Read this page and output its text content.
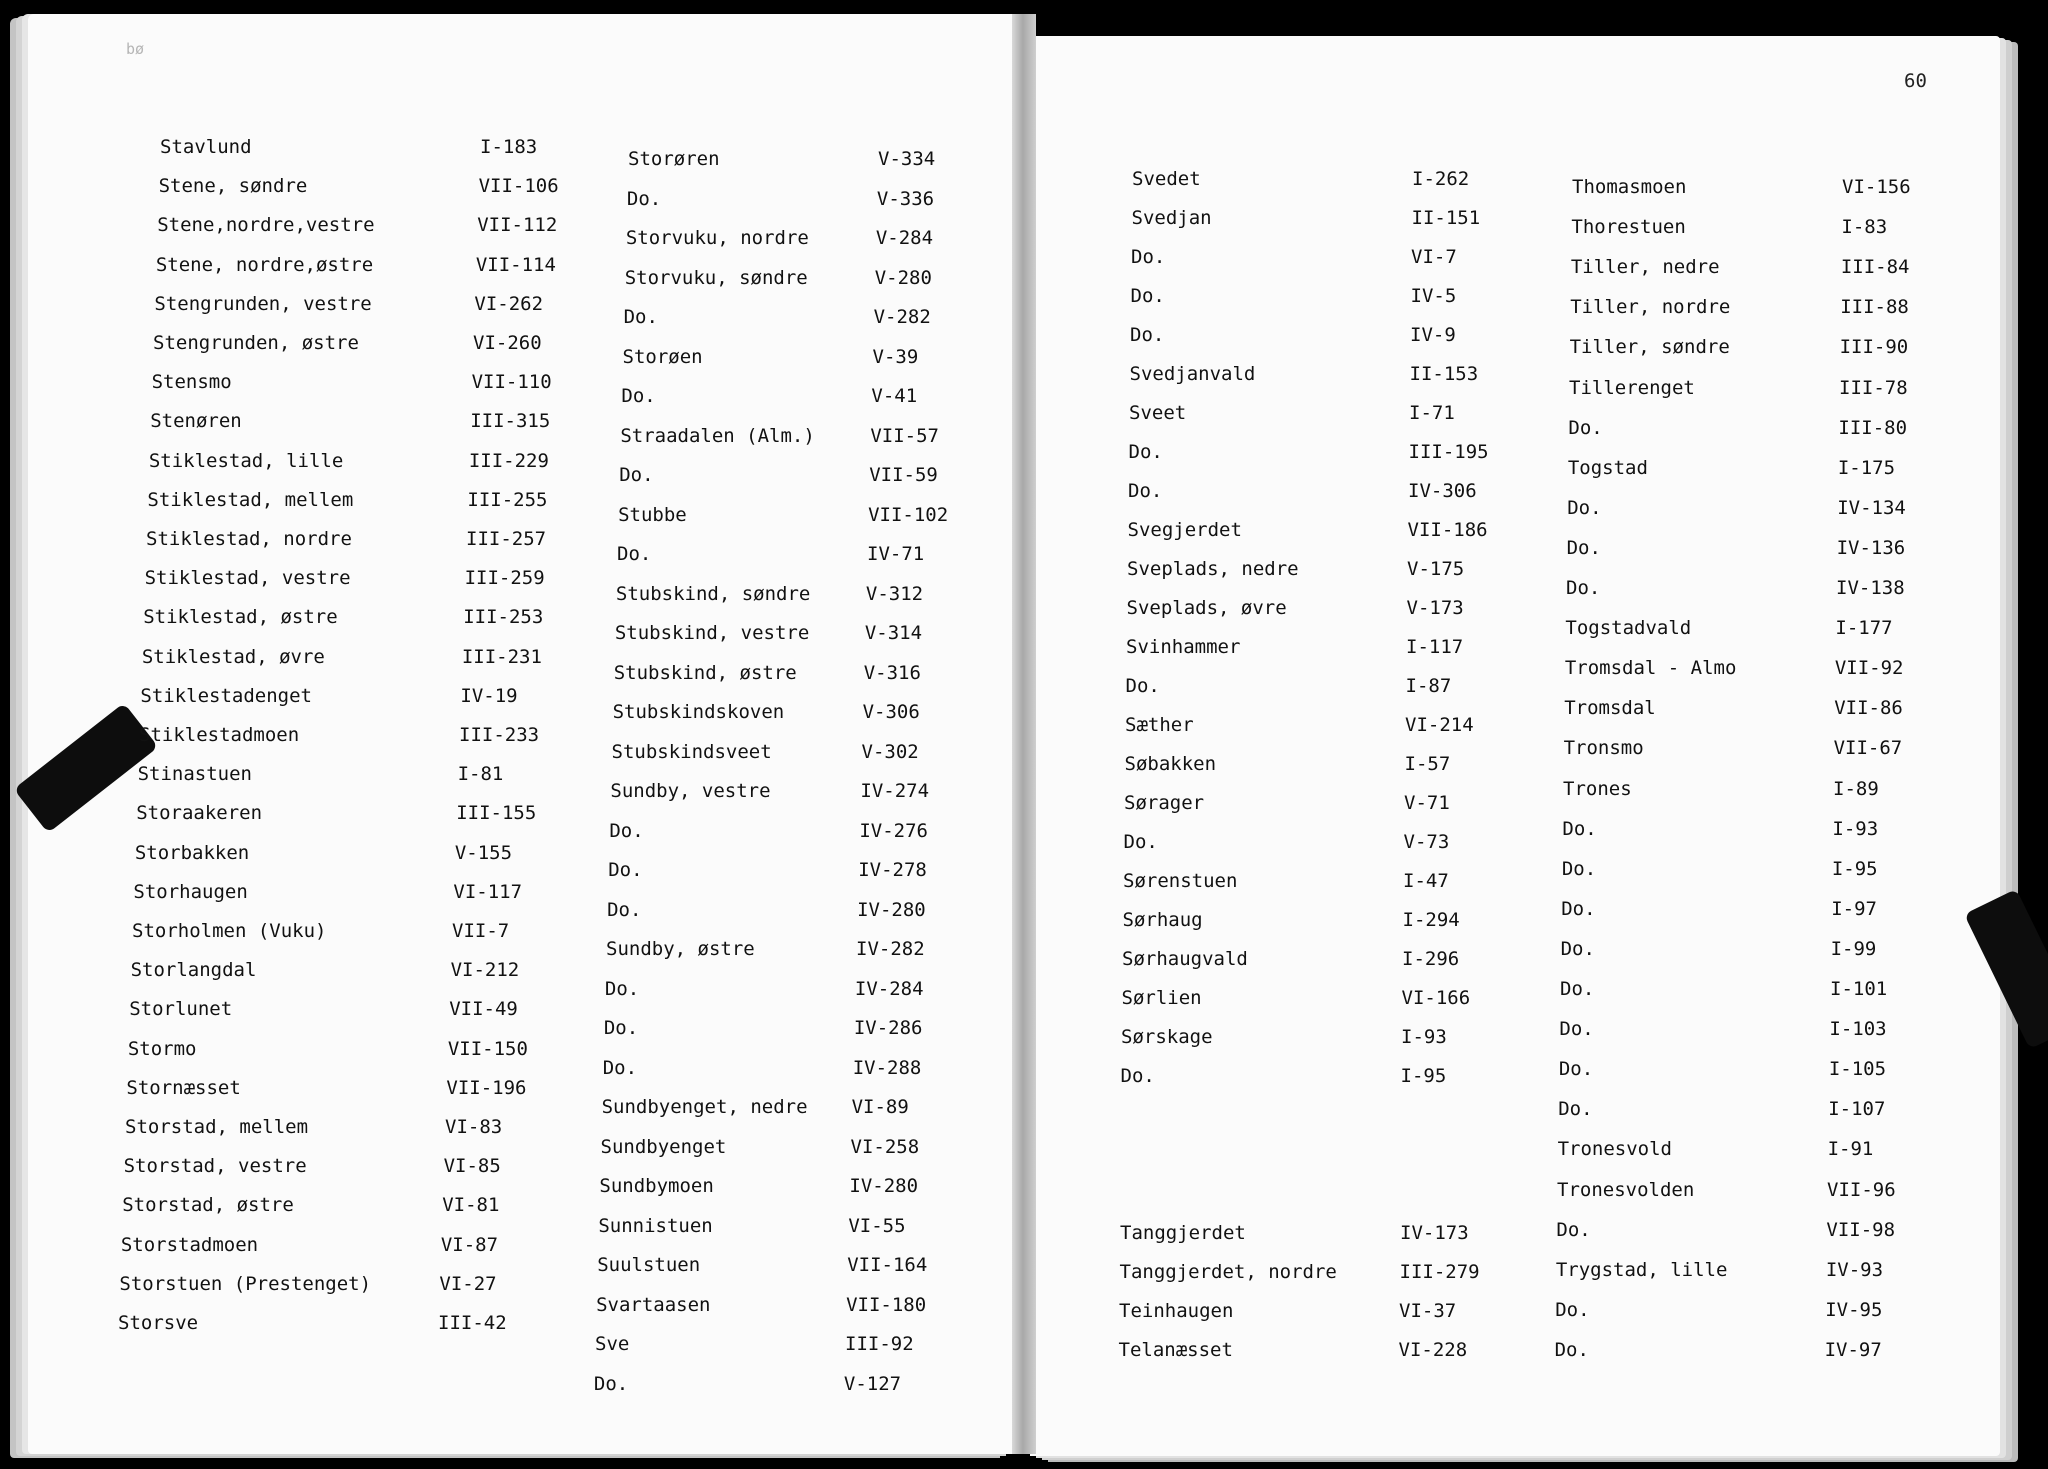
bø
60
Stavlund	I-183
Stene, søndre	VII-106
Stene,nordre,vestre	VII-112
Stene, nordre,østre	VII-114
Stengrunden, vestre	VI-262
Stengrunden, østre	VI-260
Stensmo	VII-110
Stenøren	III-315
Stiklestad, lille	III-229
Stiklestad, mellem	III-255
Stiklestad, nordre	III-257
Stiklestad, vestre	III-259
Stiklestad, østre	III-253
Stiklestad, øvre	III-231
Stiklestadenget	IV-19
Stiklestadmoen	III-233
Stinastuen	I-81
Storaakeren	III-155
Storbakken	V-155
Storhaugen	VI-117
Storholmen (Vuku)	VII-7
Storlangdal	VI-212
Storlunet	VII-49
Stormo	VII-150
Stornæsset	VII-196
Storstad, mellem	VI-83
Storstad, vestre	VI-85
Storstad, østre	VI-81
Storstadmoen	VI-87
Storstuen (Prestenget)	VI-27
Storsve	III-42
Storøren	V-334
Do.	V-336
Storvuku, nordre	V-284
Storvuku, søndre	V-280
Do.	V-282
Storøen	V-39
Do.	V-41
Straadalen (Alm.)	VII-57
Do.	VII-59
Stubbe	VII-102
Do.	IV-71
Stubskind, søndre	V-312
Stubskind, vestre	V-314
Stubskind, østre	V-316
Stubskindskoven	V-306
Stubskindsveet	V-302
Sundby, vestre	IV-274
Do.	IV-276
Do.	IV-278
Do.	IV-280
Sundby, østre	IV-282
Do.	IV-284
Do.	IV-286
Do.	IV-288
Sundbyenget, nedre VI-89
Sundbyenget	VI-258
Sundbymoen	IV-280
Sunnistuen	VI-55
Suulstuen	VII-164
Svartaasen	VII-180
Sve	III-92
Do.	V-127
Svedet	I-262
Svedjan	II-151
Do.	VI-7
Do.	IV-5
Do.	IV-9
Svedjanvald	II-153
Sveet	I-71
Do.	III-195
Do.	IV-306
Svegjerdet	VII-186
Svеplads, nedre	V-175
Sveplads, øvre	V-173
Svinhammer	I-117
Do.	I-87
Sæther	VI-214
Søbakken	I-57
Sørager	V-71
Do.	V-73
Sørenstuen	I-47
Sørhaug	I-294
Sørhaugvald	I-296
Sørlien	VI-166
Sørskage	I-93
Do.	I-95
Tanggjerdet	IV-173
Tanggjerdet, nordre	III-279
Teinhaugen	VI-37
Telanæsset	VI-228
Thomasmoen	VI-156
Thorestuen	I-83
Tiller, nedre	III-84
Tiller, nordre	III-88
Tiller, søndre	III-90
Tillerenget	III-78
Do.	III-80
Togstad	I-175
Do.	IV-134
Do.	IV-136
Do.	IV-138
Togstadvald	I-177
Tromsdal - Almo	VII-92
Tromsdal	VII-86
Tronsmo	VII-67
Trones	I-89
Do.	I-93
Do.	I-95
Do.	I-97
Do.	I-99
Do.	I-101
Do.	I-103
Do.	I-105
Do.	I-107
Tronesvold	I-91
Tronesvolden	VII-96
Do.	VII-98
Trygstad, lille	IV-93
Do.	IV-95
Do.	IV-97
